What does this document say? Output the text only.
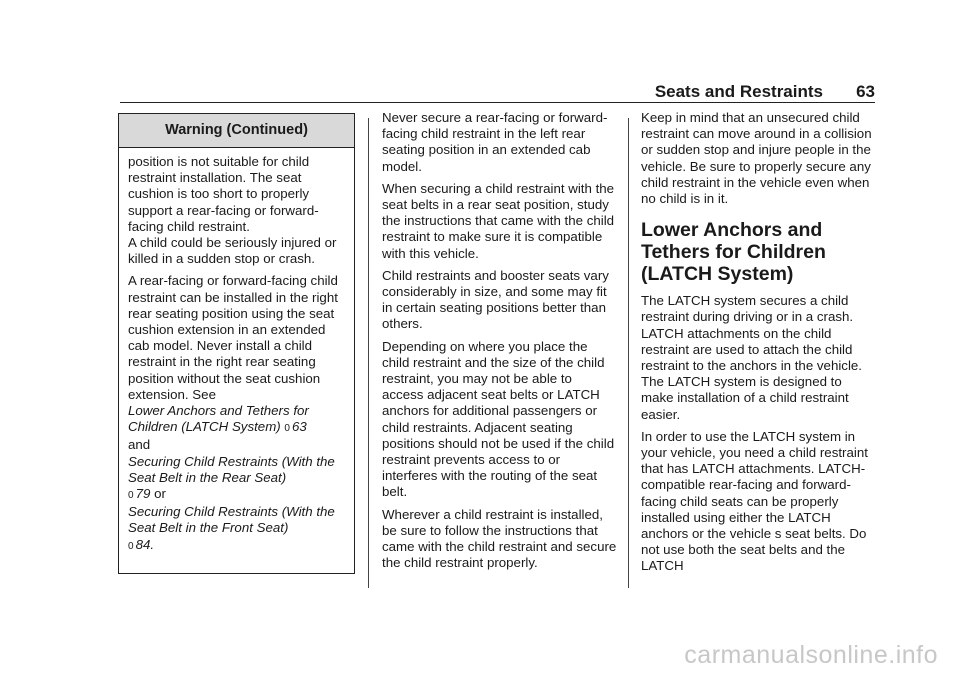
Seats and Restraints 63
Warning (Continued)

position is not suitable for child restraint installation. The seat cushion is too short to properly support a rear-facing or forward-facing child restraint.

A child could be seriously injured or killed in a sudden stop or crash.

A rear-facing or forward-facing child restraint can be installed in the right rear seating position using the seat cushion extension in an extended cab model. Never install a child restraint in the right rear seating position without the seat cushion extension. See
Lower Anchors and Tethers for Children (LATCH System) 0 63
and
Securing Child Restraints (With the Seat Belt in the Rear Seat)
0 79 or
Securing Child Restraints (With the Seat Belt in the Front Seat)
0 84.

Never secure a rear-facing or forward-facing child restraint in the left rear seating position in an extended cab model.

When securing a child restraint with the seat belts in a rear seat position, study the instructions that came with the child restraint to make sure it is compatible with this vehicle.

Child restraints and booster seats vary considerably in size, and some may fit in certain seating positions better than others.

Depending on where you place the child restraint and the size of the child restraint, you may not be able to access adjacent seat belts or LATCH anchors for additional passengers or child restraints. Adjacent seating positions should not be used if the child restraint prevents access to or interferes with the routing of the seat belt.

Wherever a child restraint is installed, be sure to follow the instructions that came with the child restraint and secure the child restraint properly.

Keep in mind that an unsecured child restraint can move around in a collision or sudden stop and injure people in the vehicle. Be sure to properly secure any child restraint in the vehicle even when no child is in it.

Lower Anchors and Tethers for Children (LATCH System)

The LATCH system secures a child restraint during driving or in a crash. LATCH attachments on the child restraint are used to attach the child restraint to the anchors in the vehicle. The LATCH system is designed to make installation of a child restraint easier.

In order to use the LATCH system in your vehicle, you need a child restraint that has LATCH attachments. LATCH-compatible rear-facing and forward-facing child seats can be properly installed using either the LATCH anchors or the vehicle s seat belts. Do not use both the seat belts and the LATCH

carmanualsonline.info
